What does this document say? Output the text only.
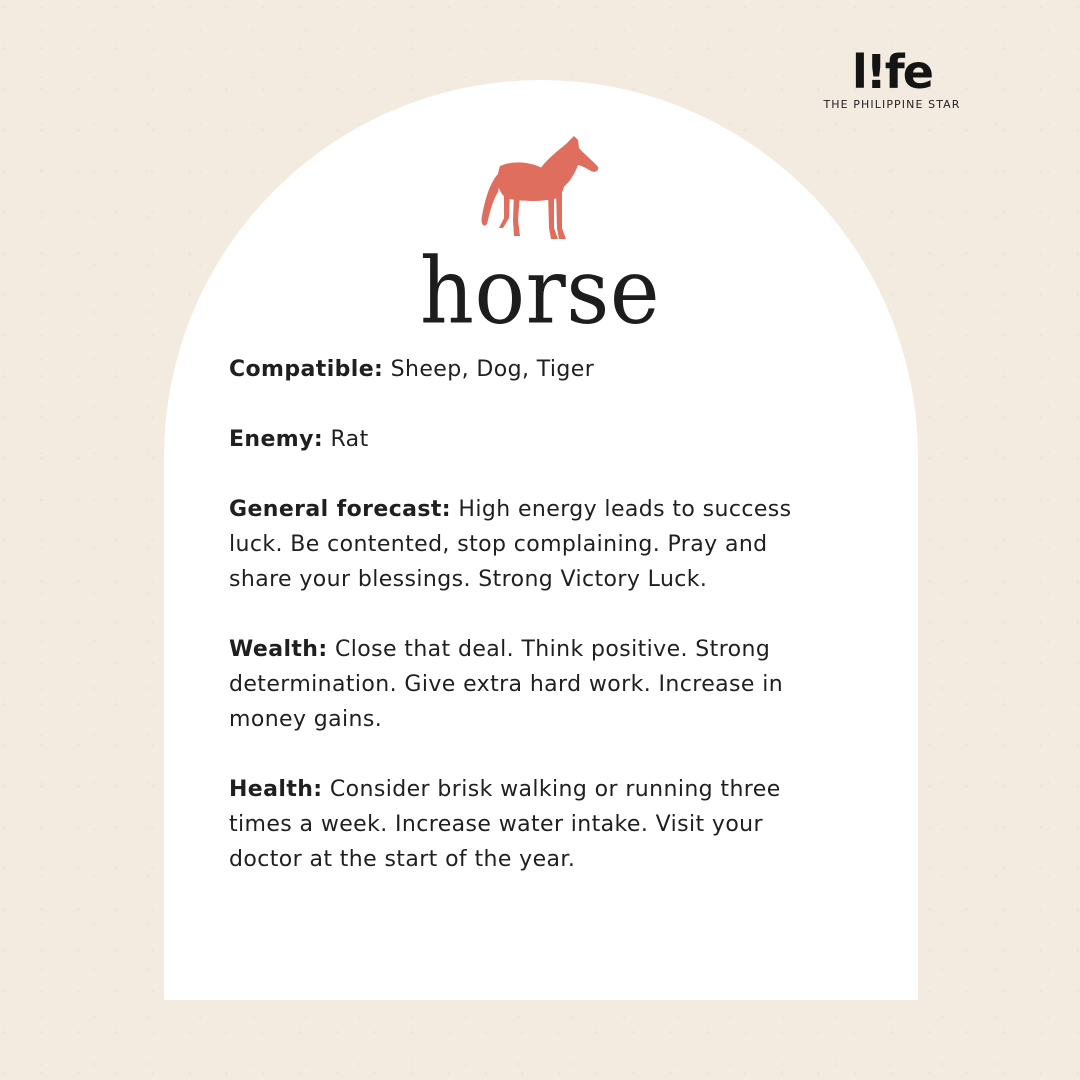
l!fe
THE PHILIPPINE STAR
horse

Compatible: Sheep, Dog, Tiger

Enemy: Rat

General forecast: High energy leads to success luck. Be contented, stop complaining. Pray and share your blessings. Strong Victory Luck.

Wealth: Close that deal. Think positive. Strong determination. Give extra hard work. Increase in money gains.

Health: Consider brisk walking or running three times a week. Increase water intake. Visit your doctor at the start of the year.
